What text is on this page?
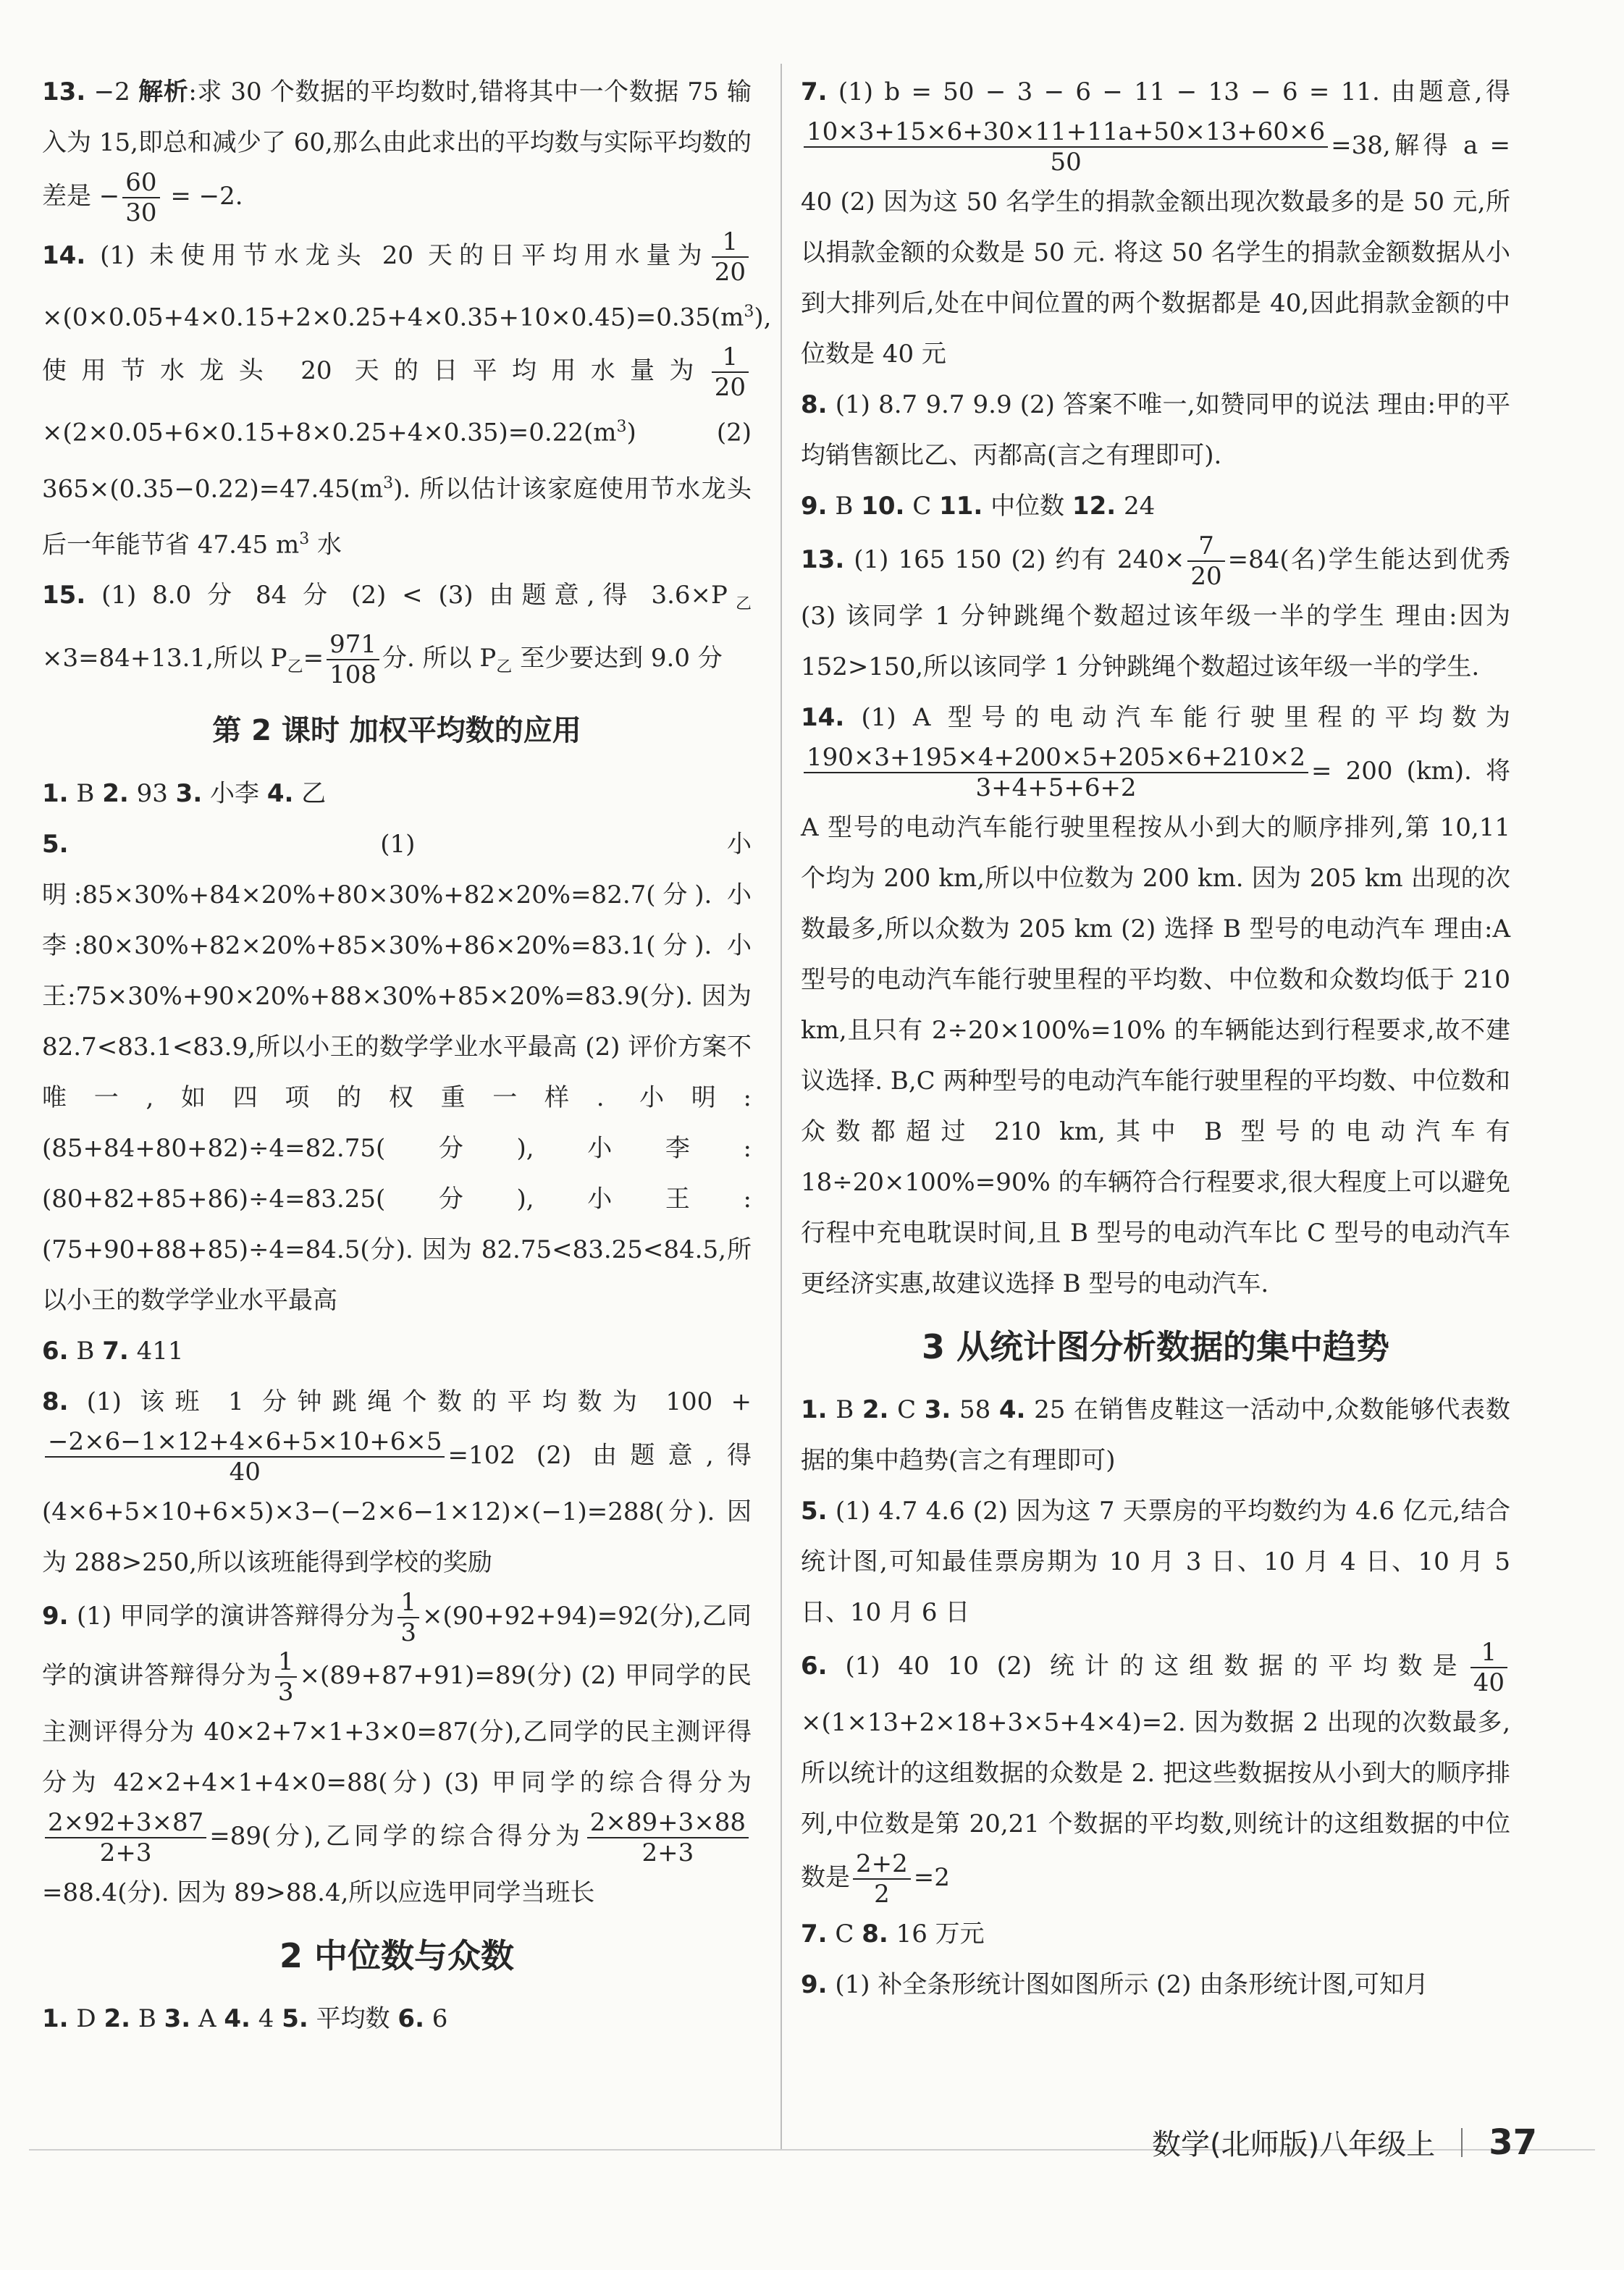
13. −2 解析:求 30 个数据的平均数时,错将其中一个数据 75 输入为 15,即总和减少了 60,那么由此求出的平均数与实际平均数的差是 − $\frac{60}{30} = -2$.

14. (1) 未使用节水龙头 20 天的日平均用水量为 $\frac{1}{20}$
$\times(0\times 0.05+4\times 0.15+2\times 0.25+4\times 0.35+10\times 0.45)=0.35(m^3)$,使用节水龙头 20 天的日平均用水量为 $\frac{1}{20}$
$\times(2\times 0.05+6\times 0.15+8\times 0.25+4\times 0.35)=0.22(m^3)$ (2) $365\times(0.35-0.22)=47.45(m^3)$. 所以估计该家庭使用节水龙头后一年能节省 47.45 $m^3$ 水

15. (1) 8.0 分 84 分 (2) < (3) 由题意,得 $3.6\times P_乙\times 3=84+13.1$,所以 $P_乙= \frac{971}{108}$ 分. 所以 $P_乙$ 至少要达到 9.0 分

第 2 课时 加权平均数的应用

1. B 2. 93 3. 小李 4. 乙

5.	(1) 小明:85×30%+84×20%+80×30%+82×20%=82.7(分). 小李:80×30%+82×20%+85×30%+86×20%=83.1(分). 小王:75×30%+90×20%+88×30%+85×20%=83.9(分). 因为 82.7<83.1<83.9,所以小王的数学学业水平最高 (2) 评价方案不唯一,如四项的权重一样. 小明:(85+84+80+82)÷4=82.75(分),小李:(80+82+85+86)÷4=83.25(分),小王:(75+90+88+85)÷4=84.5(分). 因为 82.75<83.25<84.5,所以小王的数学学业水平最高

6. B 7. 411

8. (1) 该班 1 分钟跳绳个数的平均数为 100 +
$\frac{-2\times 6-1\times 12+4\times 6+5\times 10+6\times 5}{40} =102$ (2) 由题意,得 (4×6+5×10+6×5)×3−(−2×6−1×12)×(−1)=288(分). 因为 288>250,所以该班能得到学校的奖励

9. (1) 甲同学的演讲答辩得分为 $\frac{1}{3} \times(90+92+94)=92$(分),乙同学的演讲答辩得分为 $\frac{1}{3} \times(89+87+91)=89$(分) (2) 甲同学的民主测评得分为 40×2+7×1+3×0=87(分),乙同学的民主测评得分为 42×2+4×1+4×0=88(分) (3) 甲同学的综合得分为
$\frac{2\times 92+3\times 87}{2+3} =89$(分),乙同学的综合得分为 $\frac{2\times 89+3\times 88}{2+3}$
=88.4(分). 因为 89>88.4,所以应选甲同学当班长

2 中位数与众数

1. D 2. B 3. A 4. 4 5. 平均数 6. 6

7. (1) b = 50 − 3 − 6 − 11 − 13 − 6 = 11. 由题意,得
$\frac{10\times 3+15\times 6+30\times 11+11a+50\times 13+60\times 6}{50} =38$,解得 a = 40 (2) 因为这 50 名学生的捐款金额出现次数最多的是 50 元,所以捐款金额的众数是 50 元. 将这 50 名学生的捐款金额数据从小到大排列后,处在中间位置的两个数据都是 40,因此捐款金额的中位数是 40 元

8. (1) 8.7 9.7 9.9 (2) 答案不唯一,如赞同甲的说法 理由:甲的平均销售额比乙、丙都高(言之有理即可).

9. B 10. C 11. 中位数 12. 24

13. (1) 165 150 (2) 约有 $240\times \frac{7}{20} =84$(名)学生能达到优秀 (3) 该同学 1 分钟跳绳个数超过该年级一半的学生 理由:因为 152>150,所以该同学 1 分钟跳绳个数超过该年级一半的学生.

14. (1) A 型号的电动汽车能行驶里程的平均数为
$\frac{190\times 3+195\times 4+200\times 5+205\times 6+210\times 2}{3+4+5+6+2} = 200$ (km). 将 A 型号的电动汽车能行驶里程按从小到大的顺序排列,第 10,11 个均为 200 km,所以中位数为 200 km. 因为 205 km 出现的次数最多,所以众数为 205 km (2) 选择 B 型号的电动汽车 理由:A 型号的电动汽车能行驶里程的平均数、中位数和众数均低于 210 km,且只有 2÷20×100%=10% 的车辆能达到行程要求,故不建议选择. B,C 两种型号的电动汽车能行驶里程的平均数、中位数和众数都超过 210 km,其中 B 型号的电动汽车有 18÷20×100%=90% 的车辆符合行程要求,很大程度上可以避免行程中充电耽误时间,且 B 型号的电动汽车比 C 型号的电动汽车更经济实惠,故建议选择 B 型号的电动汽车.

3 从统计图分析数据的集中趋势

1. B 2. C 3. 58 4. 25 在销售皮鞋这一活动中,众数能够代表数据的集中趋势(言之有理即可)

5. (1) 4.7 4.6 (2) 因为这 7 天票房的平均数约为 4.6 亿元,结合统计图,可知最佳票房期为 10 月 3 日、10 月 4 日、10 月 5 日、10 月 6 日

6. (1) 40 10 (2) 统计的这组数据的平均数是 $\frac{1}{40}$
×(1×13+2×18+3×5+4×4)=2. 因为数据 2 出现的次数最多,所以统计的这组数据的众数是 2. 把这些数据按从小到大的顺序排列,中位数是第 20,21 个数据的平均数,则统计的这组数据的中位数是 $\frac{2+2}{2} =2$

7. C 8. 16 万元

9. (1) 补全条形统计图如图所示 (2) 由条形统计图,可知月

数学(北师版)八年级上 37
